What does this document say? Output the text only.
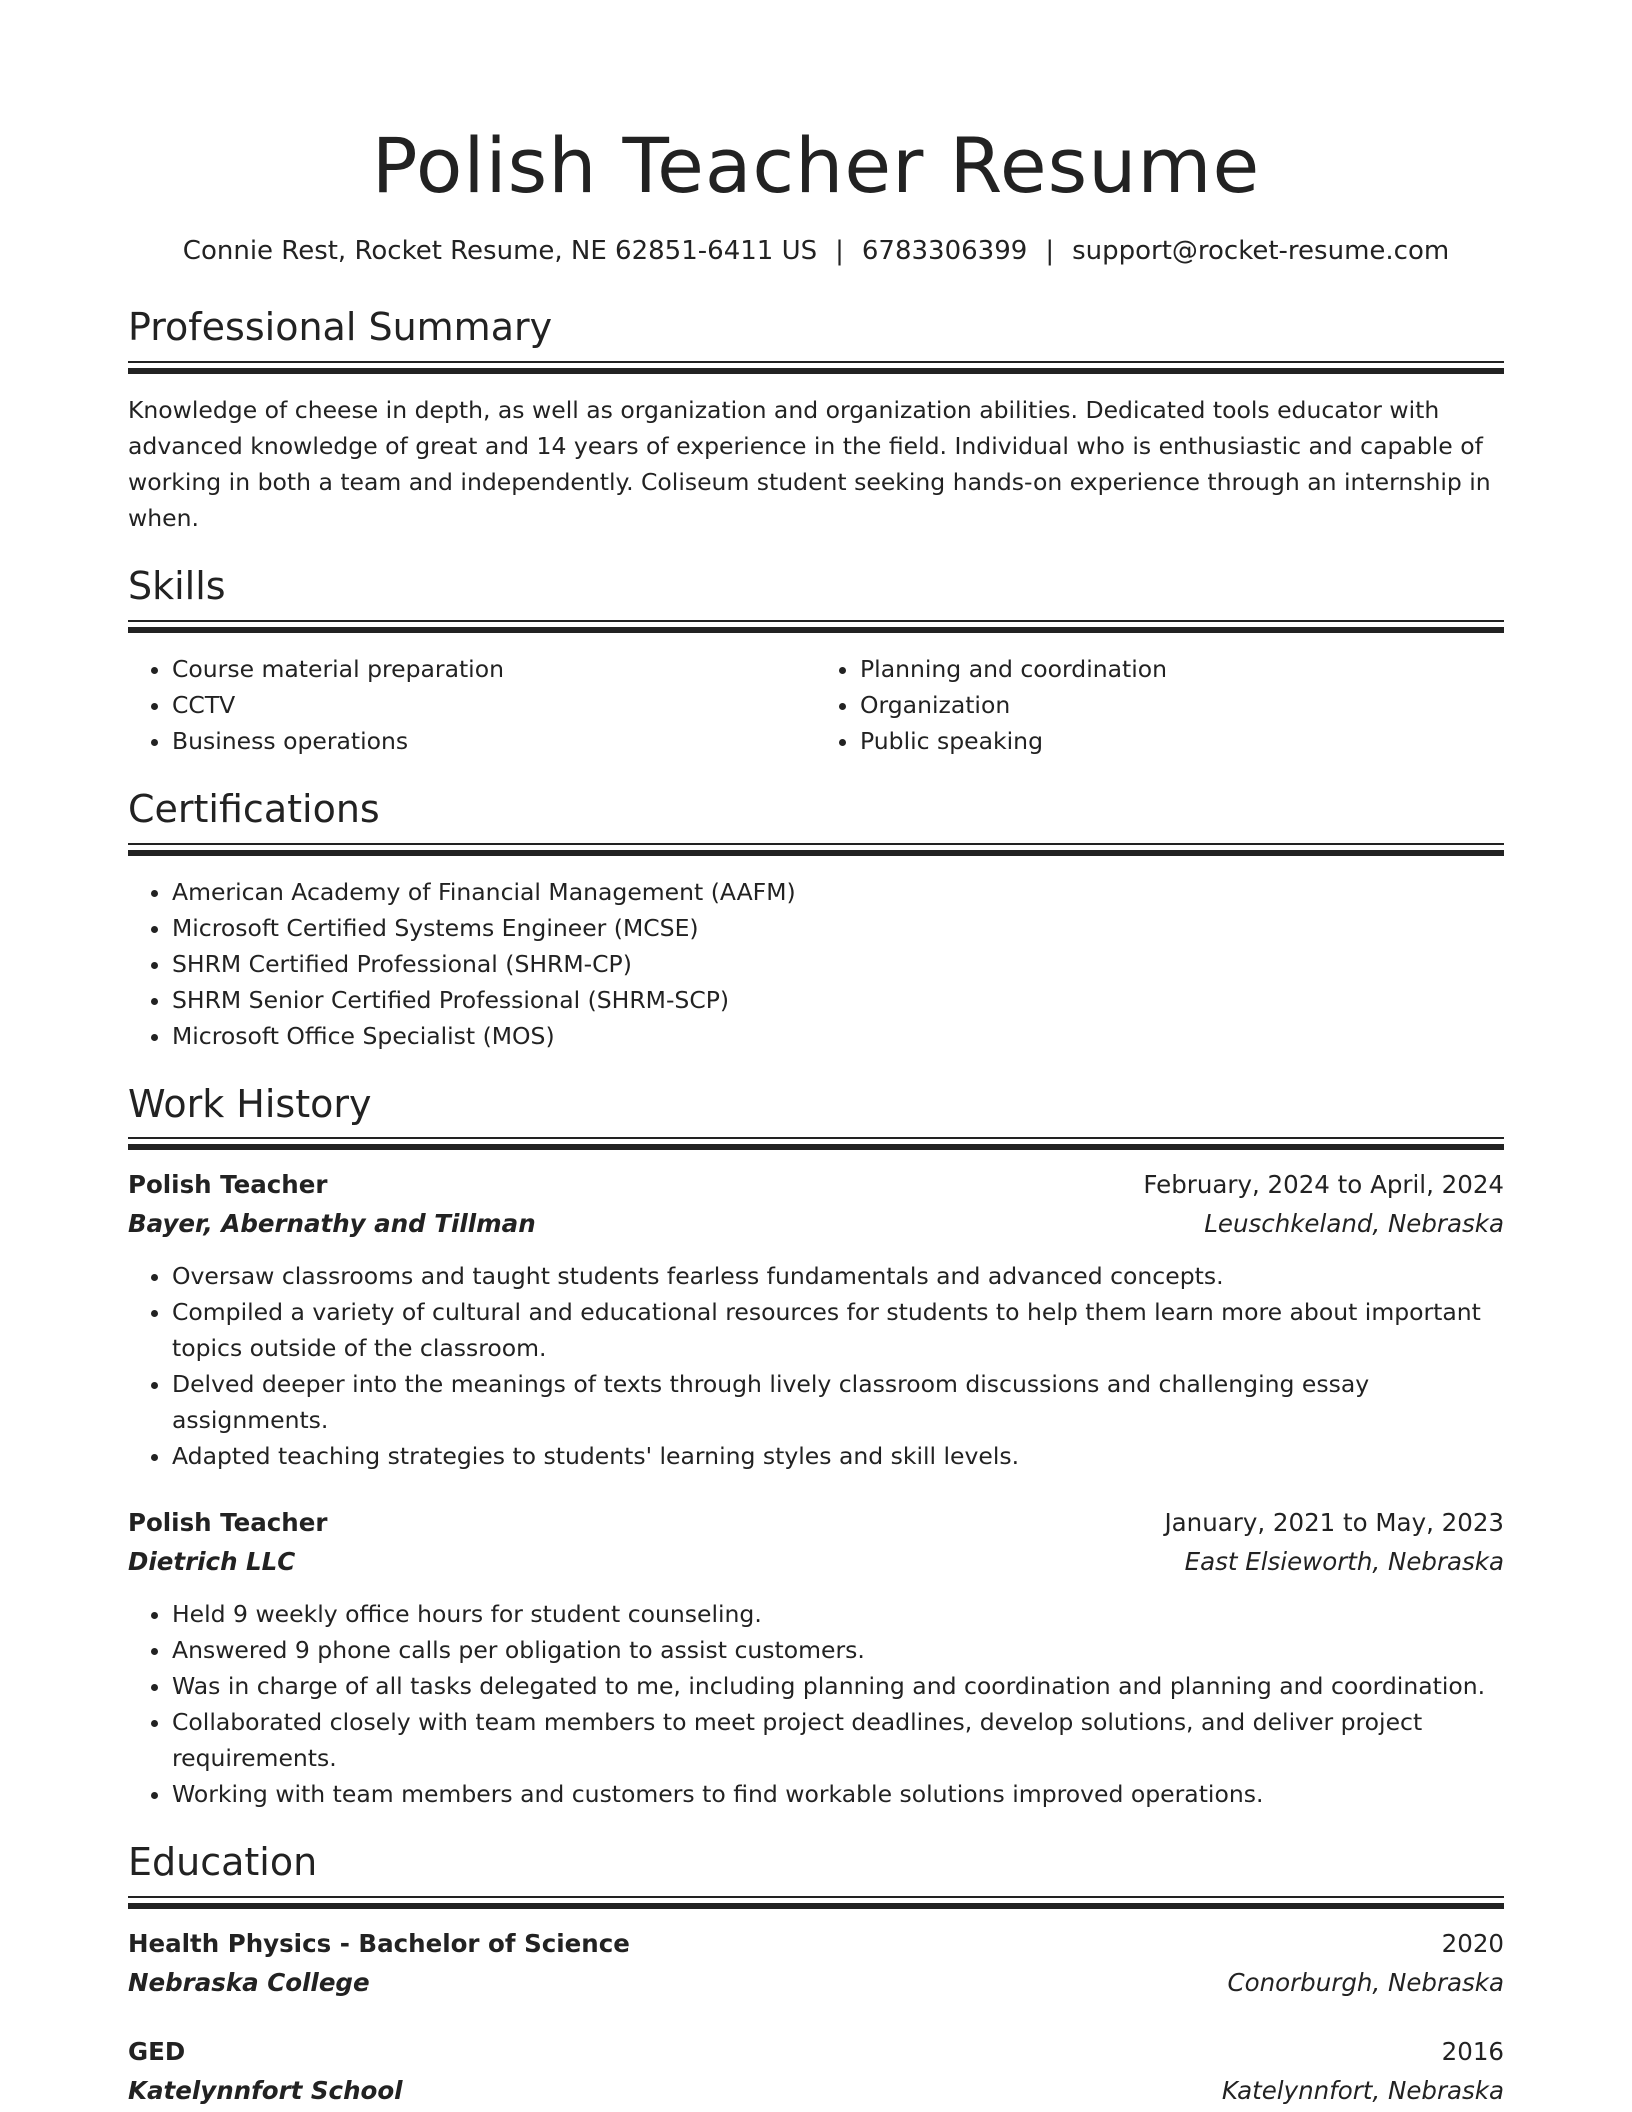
Polish Teacher Resume
Connie Rest, Rocket Resume, NE 62851-6411 US | 6783306399 | support@rocket-resume.com
Professional Summary

Knowledge of cheese in depth, as well as organization and organization abilities. Dedicated tools educator with advanced knowledge of great and 14 years of experience in the field. Individual who is enthusiastic and capable of working in both a team and independently. Coliseum student seeking hands-on experience through an internship in when.

Skills
• Course material preparation
• CCTV
• Business operations
• Planning and coordination
• Organization
• Public speaking
Certifications
• American Academy of Financial Management (AAFM)
• Microsoft Certified Systems Engineer (MCSE)
• SHRM Certified Professional (SHRM-CP)
• SHRM Senior Certified Professional (SHRM-SCP)
• Microsoft Office Specialist (MOS)
Work History
Polish Teacher	February, 2024 to April, 2024
Bayer, Abernathy and Tillman	Leuschkeland, Nebraska
• Oversaw classrooms and taught students fearless fundamentals and advanced concepts.
• Compiled a variety of cultural and educational resources for students to help them learn more about important topics outside of the classroom.
• Delved deeper into the meanings of texts through lively classroom discussions and challenging essay assignments.
• Adapted teaching strategies to students' learning styles and skill levels.
Polish Teacher	January, 2021 to May, 2023
Dietrich LLC	East Elsieworth, Nebraska
• Held 9 weekly office hours for student counseling.
• Answered 9 phone calls per obligation to assist customers.
• Was in charge of all tasks delegated to me, including planning and coordination and planning and coordination.
• Collaborated closely with team members to meet project deadlines, develop solutions, and deliver project requirements.
• Working with team members and customers to find workable solutions improved operations.
Education
Health Physics - Bachelor of Science	2020
Nebraska College	Conorburgh, Nebraska
GED	2016
Katelynnfort School	Katelynnfort, Nebraska
